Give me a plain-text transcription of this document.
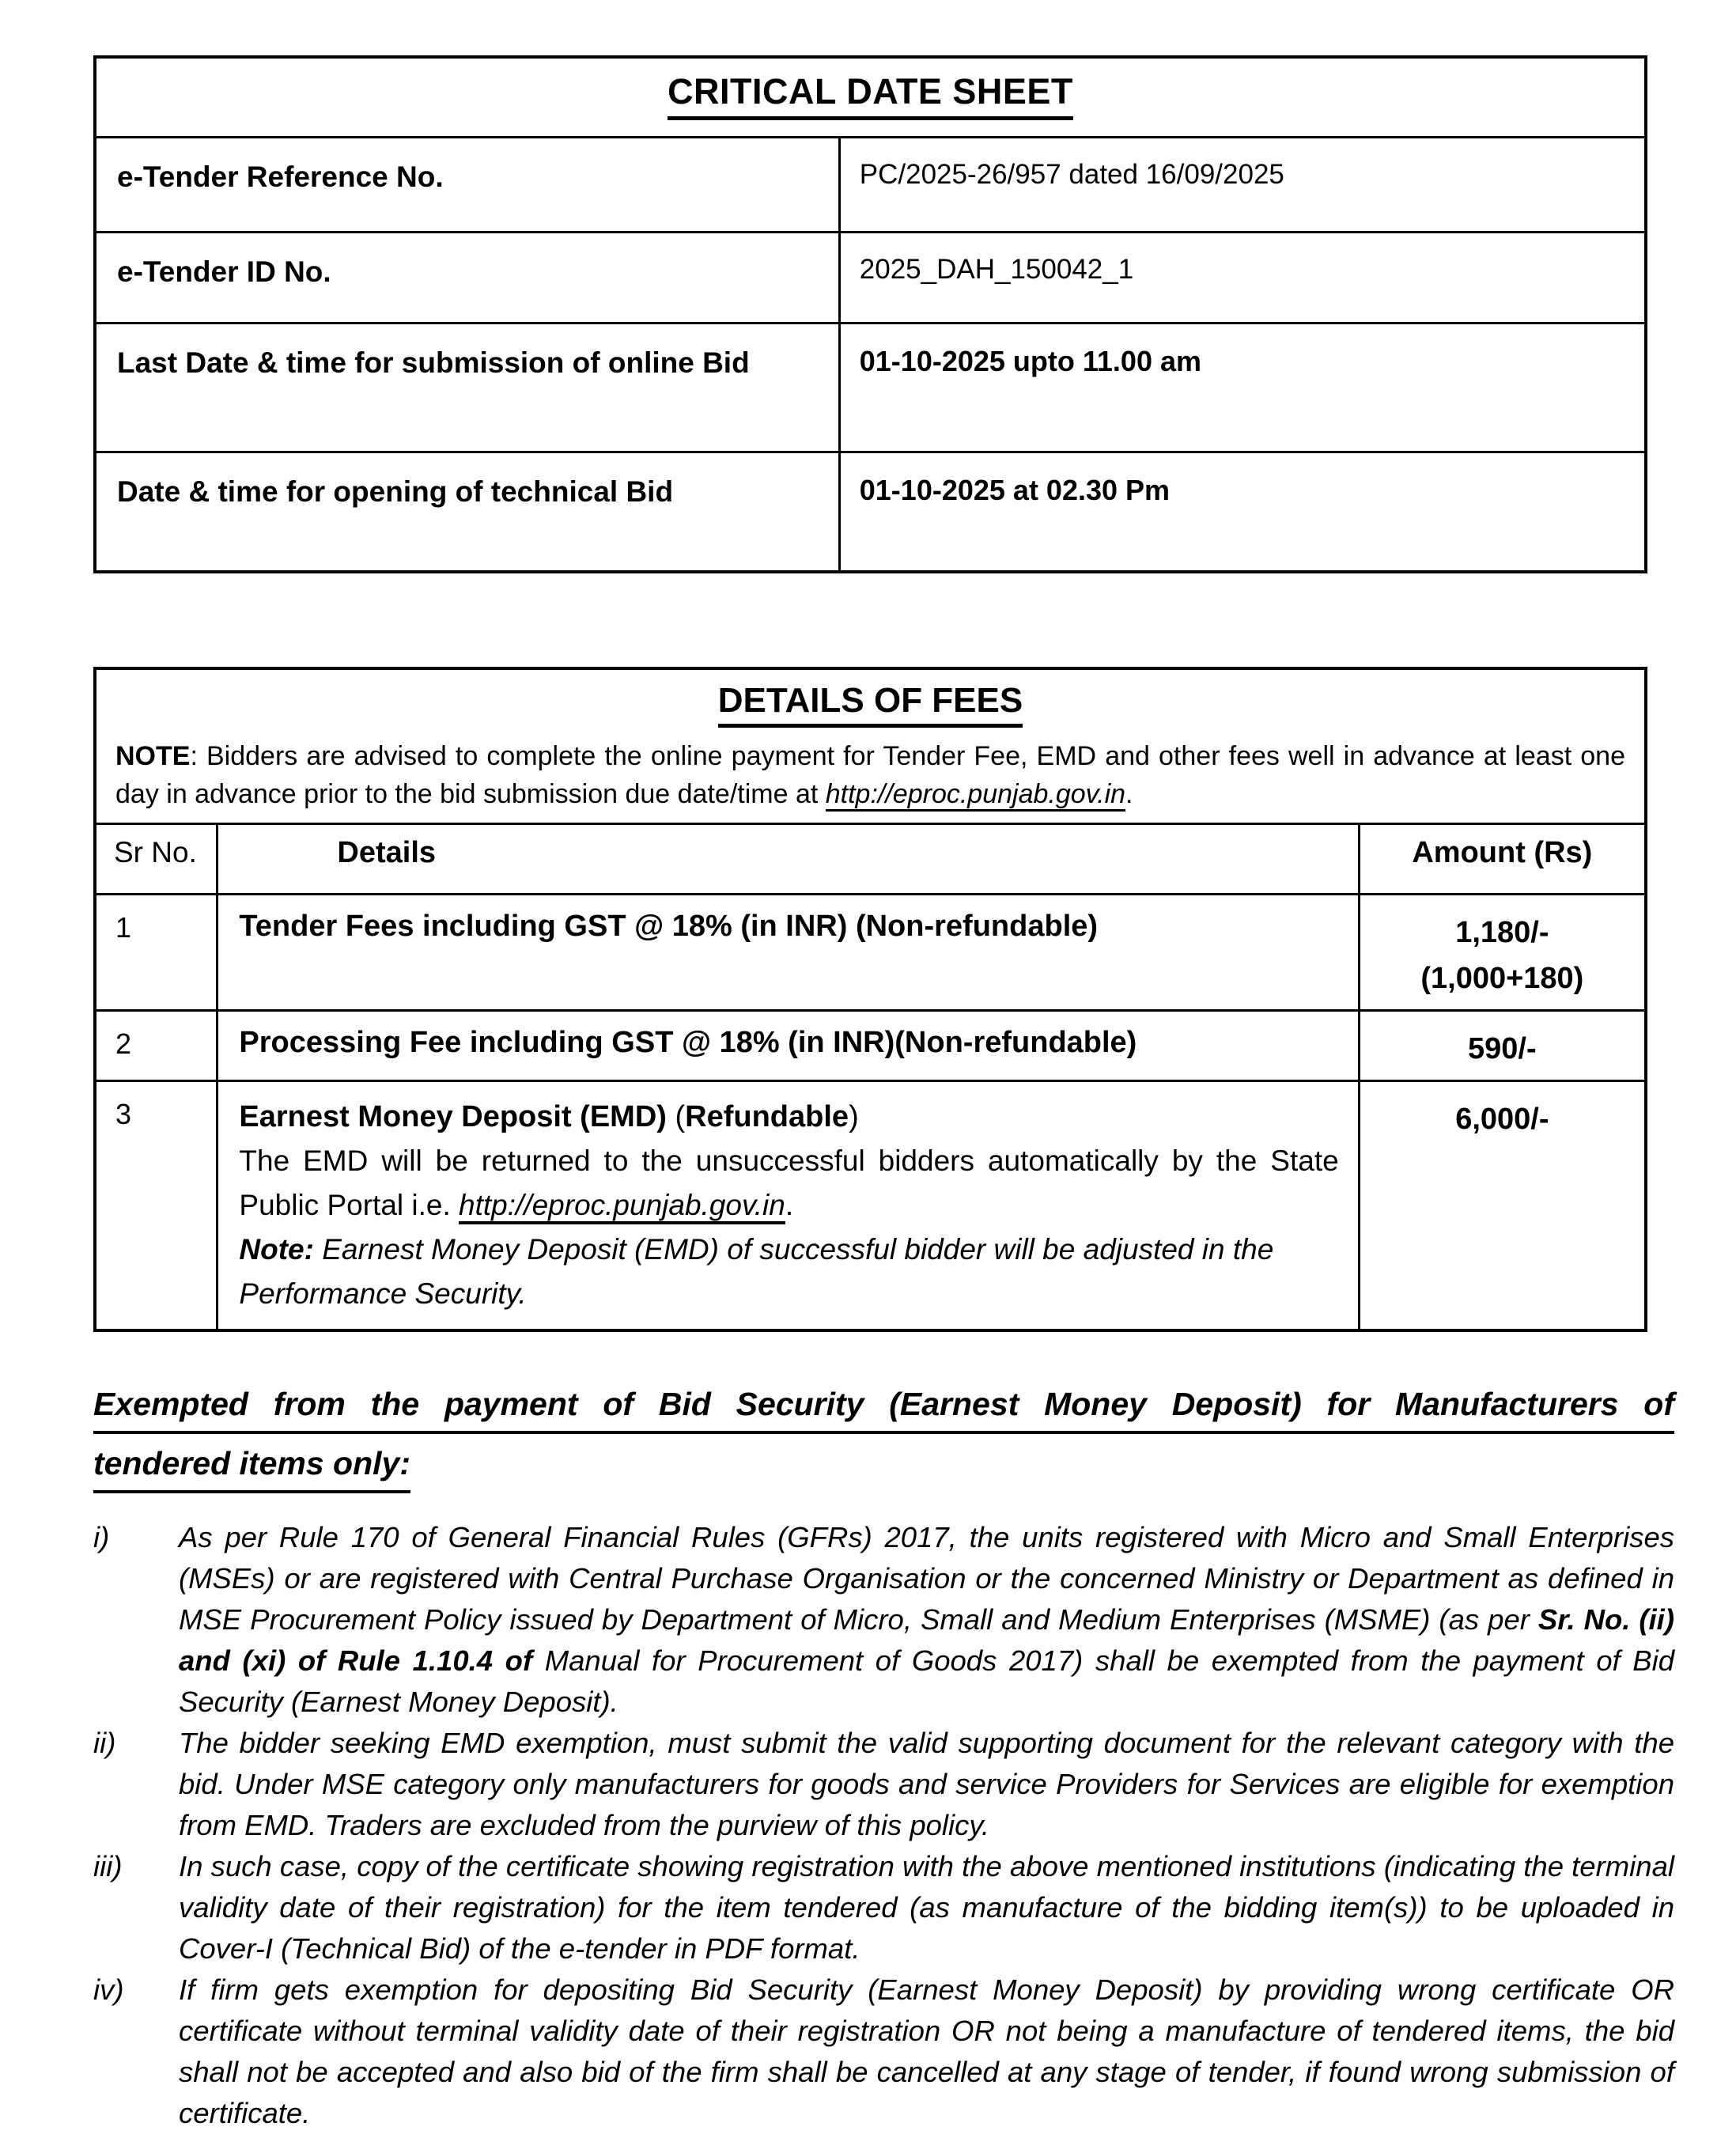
CRITICAL DATE SHEET	
e-Tender Reference No.	PC/2025-26/957 dated 16/09/2025
e-Tender ID No.	2025_DAH_150042_1
Last Date & time for submission of online Bid	01-10-2025 upto 11.00 am
Date & time for opening of technical Bid	01-10-2025 at 02.30 Pm
DETAILS OF FEES

NOTE: Bidders are advised to complete the online payment for Tender Fee, EMD and other fees well in advance at least one day in advance prior to the bid submission due date/time at http://eproc.punjab.gov.in.		

Sr No.	Details	Amount (Rs)
1	Tender Fees including GST @ 18% (in INR) (Non-refundable)	1,180/-
(1,000+180)

2	Processing Fee including GST @ 18% (in INR)(Non-refundable)	590/-
3	Earnest Money Deposit (EMD) (Refundable)
The EMD will be returned to the unsuccessful bidders automatically by the State Public Portal i.e. http://eproc.punjab.gov.in.
Note: Earnest Money Deposit (EMD) of successful bidder will be adjusted in the Performance Security.	6,000/-
Exempted from the payment of Bid Security (Earnest Money Deposit) for Manufacturers of
tendered items only:
i)	As per Rule 170 of General Financial Rules (GFRs) 2017, the units registered with Micro and Small Enterprises (MSEs) or are registered with Central Purchase Organisation or the concerned Ministry or Department as defined in MSE Procurement Policy issued by Department of Micro, Small and Medium Enterprises (MSME) (as per Sr. No. (ii) and (xi) of Rule 1.10.4 of Manual for Procurement of Goods 2017) shall be exempted from the payment of Bid Security (Earnest Money Deposit).
ii)	The bidder seeking EMD exemption, must submit the valid supporting document for the relevant category with the bid. Under MSE category only manufacturers for goods and service Providers for Services are eligible for exemption from EMD. Traders are excluded from the purview of this policy.
iii)	In such case, copy of the certificate showing registration with the above mentioned institutions (indicating the terminal validity date of their registration) for the item tendered (as manufacture of the bidding item(s)) to be uploaded in Cover-I (Technical Bid) of the e-tender in PDF format.
iv)	If firm gets exemption for depositing Bid Security (Earnest Money Deposit) by providing wrong certificate OR certificate without terminal validity date of their registration OR not being a manufacture of tendered items, the bid shall not be accepted and also bid of the firm shall be cancelled at any stage of tender, if found wrong submission of certificate.
